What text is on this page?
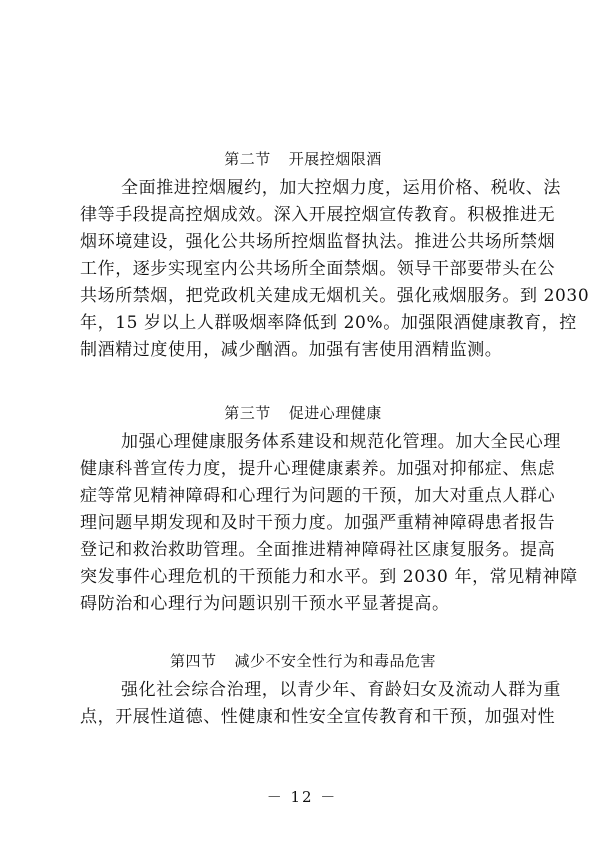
第二节 开展控烟限酒
全面推进控烟履约，加大控烟力度，运用价格、税收、法
律等手段提高控烟成效。深入开展控烟宣传教育。积极推进无
烟环境建设，强化公共场所控烟监督执法。推进公共场所禁烟
工作，逐步实现室内公共场所全面禁烟。领导干部要带头在公
共场所禁烟，把党政机关建成无烟机关。强化戒烟服务。到 2030
年，15 岁以上人群吸烟率降低到 20%。加强限酒健康教育，控
制酒精过度使用，减少酗酒。加强有害使用酒精监测。
第三节 促进心理健康
加强心理健康服务体系建设和规范化管理。加大全民心理
健康科普宣传力度，提升心理健康素养。加强对抑郁症、焦虑
症等常见精神障碍和心理行为问题的干预，加大对重点人群心
理问题早期发现和及时干预力度。加强严重精神障碍患者报告
登记和救治救助管理。全面推进精神障碍社区康复服务。提高
突发事件心理危机的干预能力和水平。到 2030 年，常见精神障
碍防治和心理行为问题识别干预水平显著提高。
第四节 减少不安全性行为和毒品危害
强化社会综合治理，以青少年、育龄妇女及流动人群为重
点，开展性道德、性健康和性安全宣传教育和干预，加强对性
－ 12 －
